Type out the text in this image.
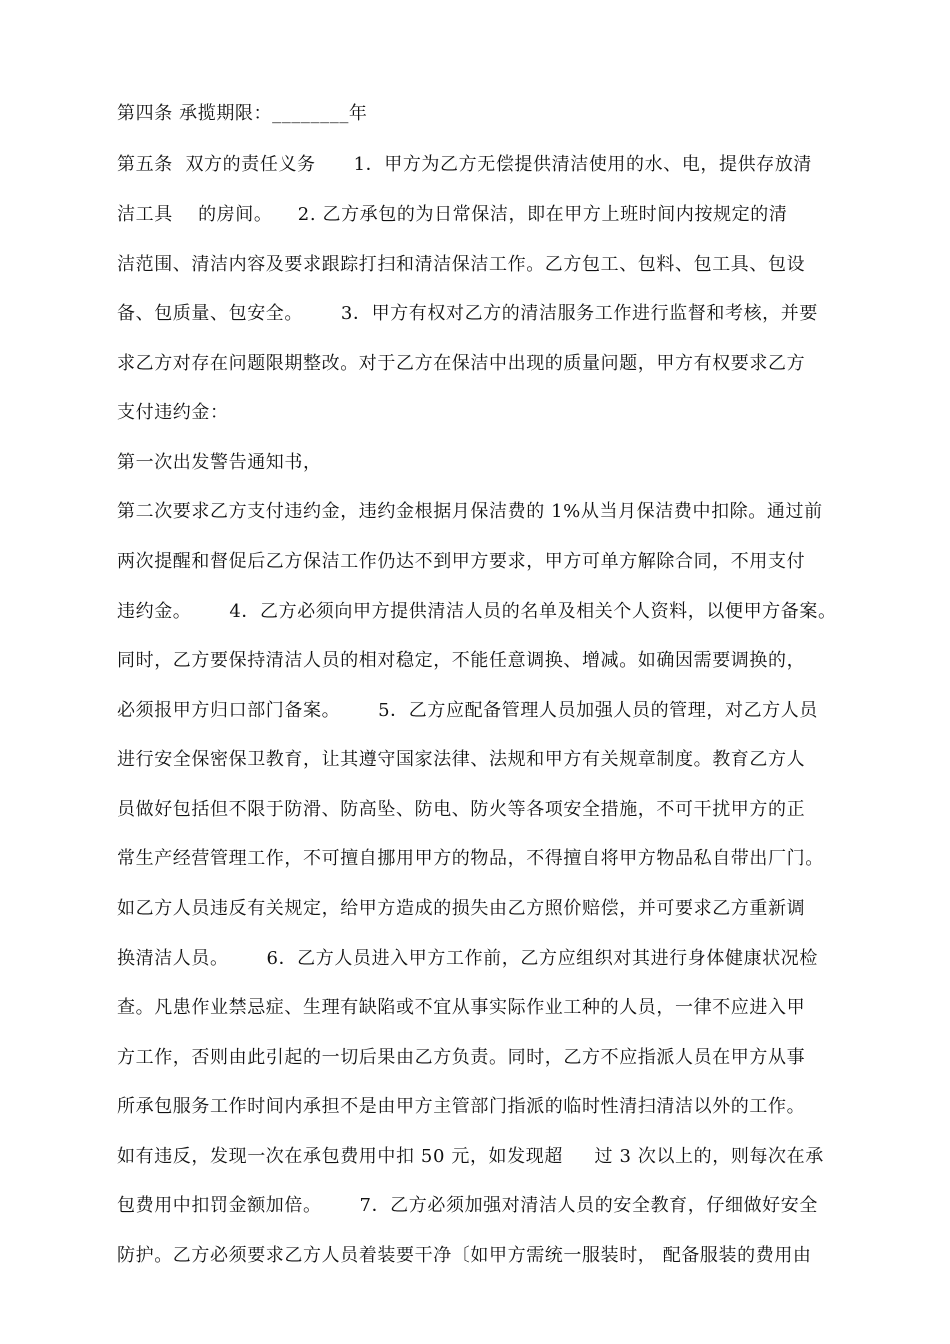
第四条 承揽期限：________年
第五条  双方的责任义务      1．甲方为乙方无偿提供清洁使用的水、电，提供存放清
洁工具    的房间。    2. 乙方承包的为日常保洁，即在甲方上班时间内按规定的清
洁范围、清洁内容及要求跟踪打扫和清洁保洁工作。乙方包工、包料、包工具、包设
备、包质量、包安全。      3．甲方有权对乙方的清洁服务工作进行监督和考核，并要
求乙方对存在问题限期整改。对于乙方在保洁中出现的质量问题，甲方有权要求乙方
支付违约金：
第一次出发警告通知书，
第二次要求乙方支付违约金，违约金根据月保洁费的 1%从当月保洁费中扣除。通过前
两次提醒和督促后乙方保洁工作仍达不到甲方要求，甲方可单方解除合同，不用支付
违约金。      4．乙方必须向甲方提供清洁人员的名单及相关个人资料，以便甲方备案。
同时，乙方要保持清洁人员的相对稳定，不能任意调换、增减。如确因需要调换的，
必须报甲方归口部门备案。      5．乙方应配备管理人员加强人员的管理，对乙方人员
进行安全保密保卫教育，让其遵守国家法律、法规和甲方有关规章制度。教育乙方人
员做好包括但不限于防滑、防高坠、防电、防火等各项安全措施，不可干扰甲方的正
常生产经营管理工作，不可擅自挪用甲方的物品，不得擅自将甲方物品私自带出厂门。
如乙方人员违反有关规定，给甲方造成的损失由乙方照价赔偿，并可要求乙方重新调
换清洁人员。      6．乙方人员进入甲方工作前，乙方应组织对其进行身体健康状况检
查。凡患作业禁忌症、生理有缺陷或不宜从事实际作业工种的人员，一律不应进入甲
方工作，否则由此引起的一切后果由乙方负责。同时，乙方不应指派人员在甲方从事
所承包服务工作时间内承担不是由甲方主管部门指派的临时性清扫清洁以外的工作。
如有违反，发现一次在承包费用中扣 50 元，如发现超     过 3 次以上的，则每次在承
包费用中扣罚金额加倍。      7．乙方必须加强对清洁人员的安全教育，仔细做好安全
防护。乙方必须要求乙方人员着装要干净〔如甲方需统一服装时， 配备服装的费用由
